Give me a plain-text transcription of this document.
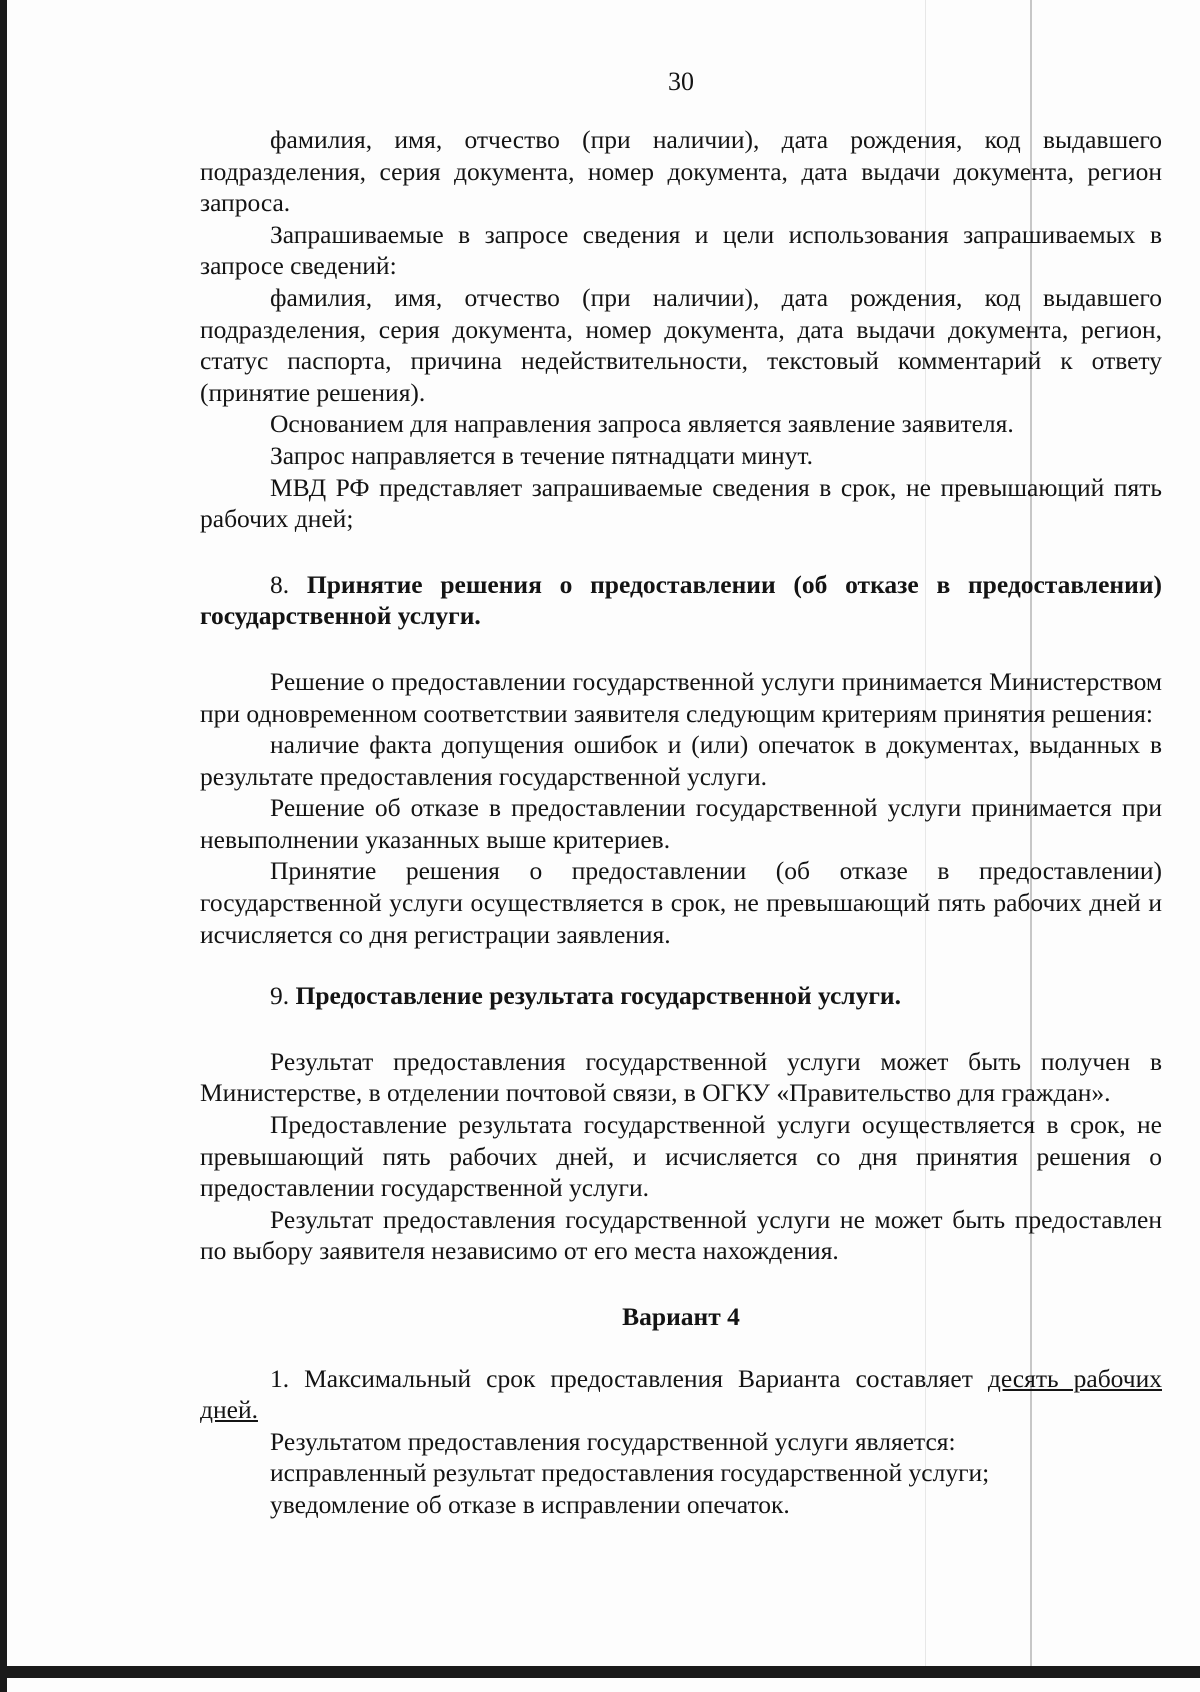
30

фамилия, имя, отчество (при наличии), дата рождения, код выдавшего подразделения, серия документа, номер документа, дата выдачи документа, регион запроса.

Запрашиваемые в запросе сведения и цели использования запрашиваемых в запросе сведений:

фамилия, имя, отчество (при наличии), дата рождения, код выдавшего подразделения, серия документа, номер документа, дата выдачи документа, регион, статус паспорта, причина недействительности, текстовый комментарий к ответу (принятие решения).

Основанием для направления запроса является заявление заявителя.

Запрос направляется в течение пятнадцати минут.

МВД РФ представляет запрашиваемые сведения в срок, не превышающий пять рабочих дней;

8. Принятие решения о предоставлении (об отказе в предоставлении) государственной услуги.

Решение о предоставлении государственной услуги принимается Министерством при одновременном соответствии заявителя следующим критериям принятия решения:

наличие факта допущения ошибок и (или) опечаток в документах, выданных в результате предоставления государственной услуги.

Решение об отказе в предоставлении государственной услуги принимается при невыполнении указанных выше критериев.

Принятие решения о предоставлении (об отказе в предоставлении) государственной услуги осуществляется в срок, не превышающий пять рабочих дней и исчисляется со дня регистрации заявления.

9. Предоставление результата государственной услуги.

Результат предоставления государственной услуги может быть получен в Министерстве, в отделении почтовой связи, в ОГКУ «Правительство для граждан».

Предоставление результата государственной услуги осуществляется в срок, не превышающий пять рабочих дней, и исчисляется со дня принятия решения о предоставлении государственной услуги.

Результат предоставления государственной услуги не может быть предоставлен по выбору заявителя независимо от его места нахождения.

Вариант 4

1. Максимальный срок предоставления Варианта составляет десять рабочих дней.

Результатом предоставления государственной услуги является:

исправленный результат предоставления государственной услуги;

уведомление об отказе в исправлении опечаток.
